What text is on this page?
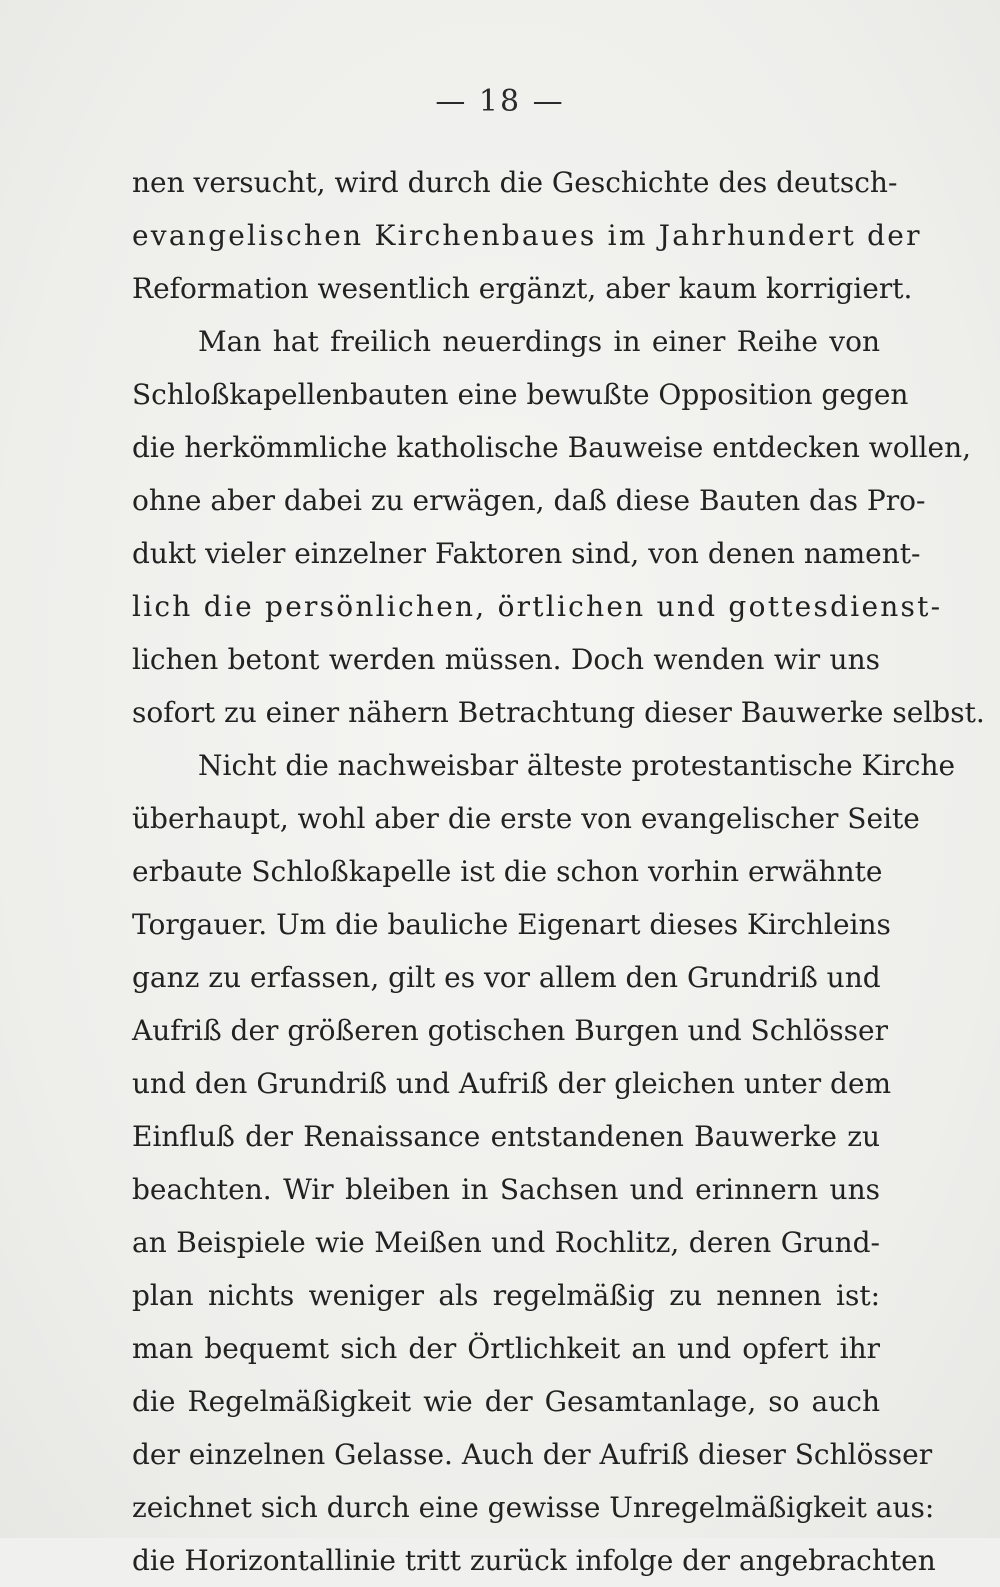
— 18 —
nen versucht, wird durch die Geschichte des deutsch-
evangelischen Kirchenbaues im Jahrhundert der
Reformation wesentlich ergänzt, aber kaum korrigiert.
Man hat freilich neuerdings in einer Reihe von
Schloßkapellenbauten eine bewußte Opposition gegen
die herkömmliche katholische Bauweise entdecken wollen,
ohne aber dabei zu erwägen, daß diese Bauten das Pro-
dukt vieler einzelner Faktoren sind, von denen nament-
lich die persönlichen, örtlichen und gottesdienst-
lichen betont werden müssen. Doch wenden wir uns
sofort zu einer nähern Betrachtung dieser Bauwerke selbst.
Nicht die nachweisbar älteste protestantische Kirche
überhaupt, wohl aber die erste von evangelischer Seite
erbaute Schloßkapelle ist die schon vorhin erwähnte
Torgauer. Um die bauliche Eigenart dieses Kirchleins
ganz zu erfassen, gilt es vor allem den Grundriß und
Aufriß der größeren gotischen Burgen und Schlösser
und den Grundriß und Aufriß der gleichen unter dem
Einfluß der Renaissance entstandenen Bauwerke zu
beachten. Wir bleiben in Sachsen und erinnern uns
an Beispiele wie Meißen und Rochlitz, deren Grund-
plan nichts weniger als regelmäßig zu nennen ist:
man bequemt sich der Örtlichkeit an und opfert ihr
die Regelmäßigkeit wie der Gesamtanlage, so auch
der einzelnen Gelasse. Auch der Aufriß dieser Schlösser
zeichnet sich durch eine gewisse Unregelmäßigkeit aus:
die Horizontallinie tritt zurück infolge der angebrachten
